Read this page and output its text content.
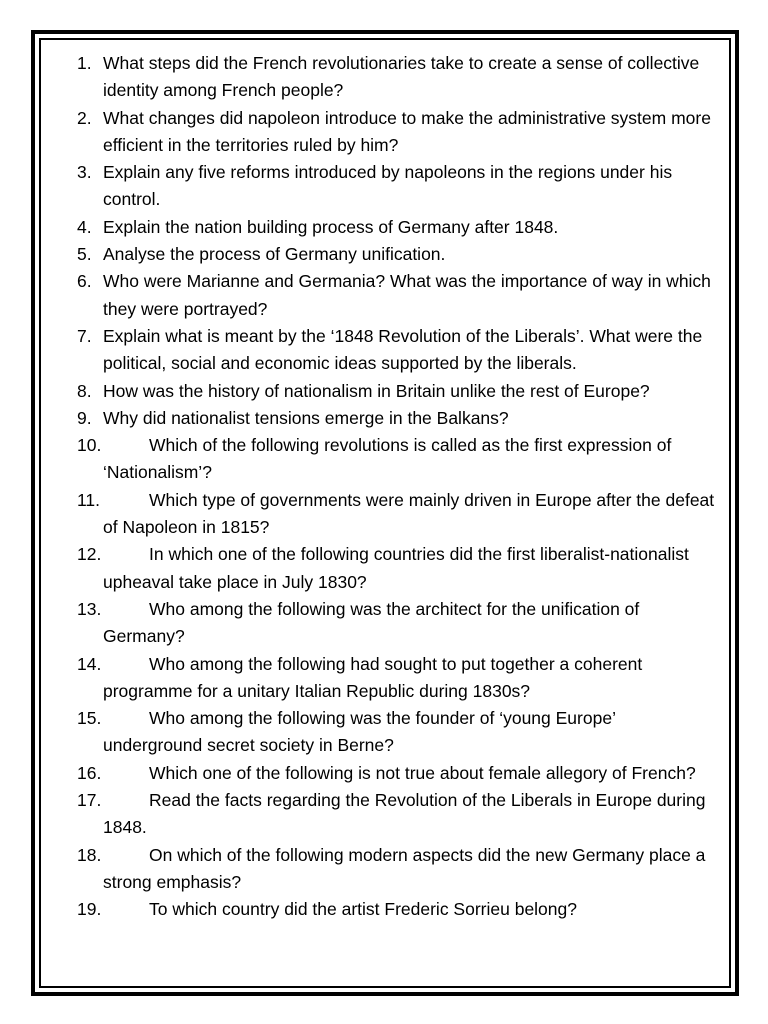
1. What steps did the French revolutionaries take to create a sense of collective identity among French people?
2. What changes did napoleon introduce to make the administrative system more efficient in the territories ruled by him?
3. Explain any five reforms introduced by napoleons in the regions under his control.
4. Explain the nation building process of Germany after 1848.
5. Analyse the process of Germany unification.
6. Who were Marianne and Germania? What was the importance of way in which they were portrayed?
7. Explain what is meant by the ‘1848 Revolution of the Liberals’. What were the political, social and economic ideas supported by the liberals.
8. How was the history of nationalism in Britain unlike the rest of Europe?
9. Why did nationalist tensions emerge in the Balkans?
10.	Which of the following revolutions is called as the first expression of ‘Nationalism’?
11.	Which type of governments were mainly driven in Europe after the defeat of Napoleon in 1815?
12.	In which one of the following countries did the first liberalist-nationalist upheaval take place in July 1830?
13.	Who among the following was the architect for the unification of Germany?
14.	Who among the following had sought to put together a coherent programme for a unitary Italian Republic during 1830s?
15.	Who among the following was the founder of ‘young Europe’ underground secret society in Berne?
16.	Which one of the following is not true about female allegory of French?
17.	Read the facts regarding the Revolution of the Liberals in Europe during 1848.
18.	On which of the following modern aspects did the new Germany place a strong emphasis?
19.	To which country did the artist Frederic Sorrieu belong?
